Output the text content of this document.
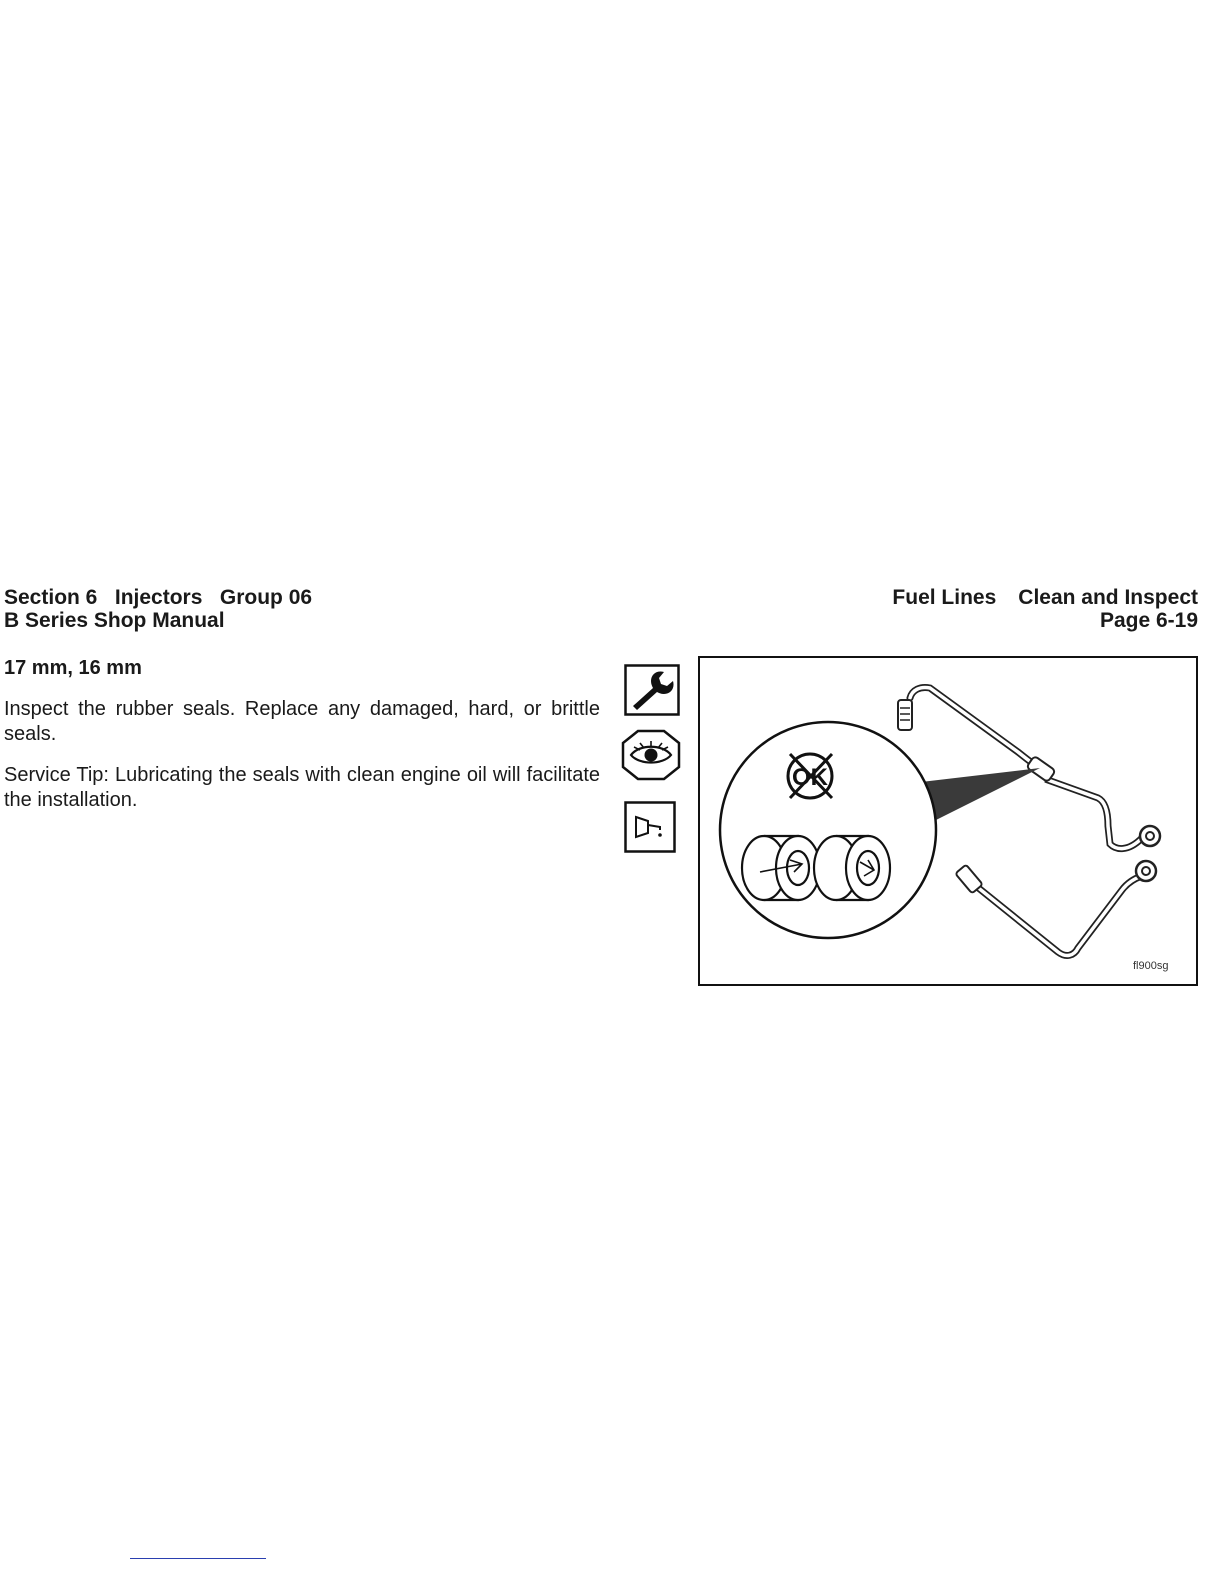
Section 6   Injectors   Group 06
B Series Shop Manual
Fuel Lines Clean and Inspect
Page 6-19
17 mm, 16 mm
Inspect the rubber seals. Replace any damaged, hard, or brittle seals.
Service Tip: Lubricating the seals with clean engine oil will facilitate the installation.
OK
fl900sg
